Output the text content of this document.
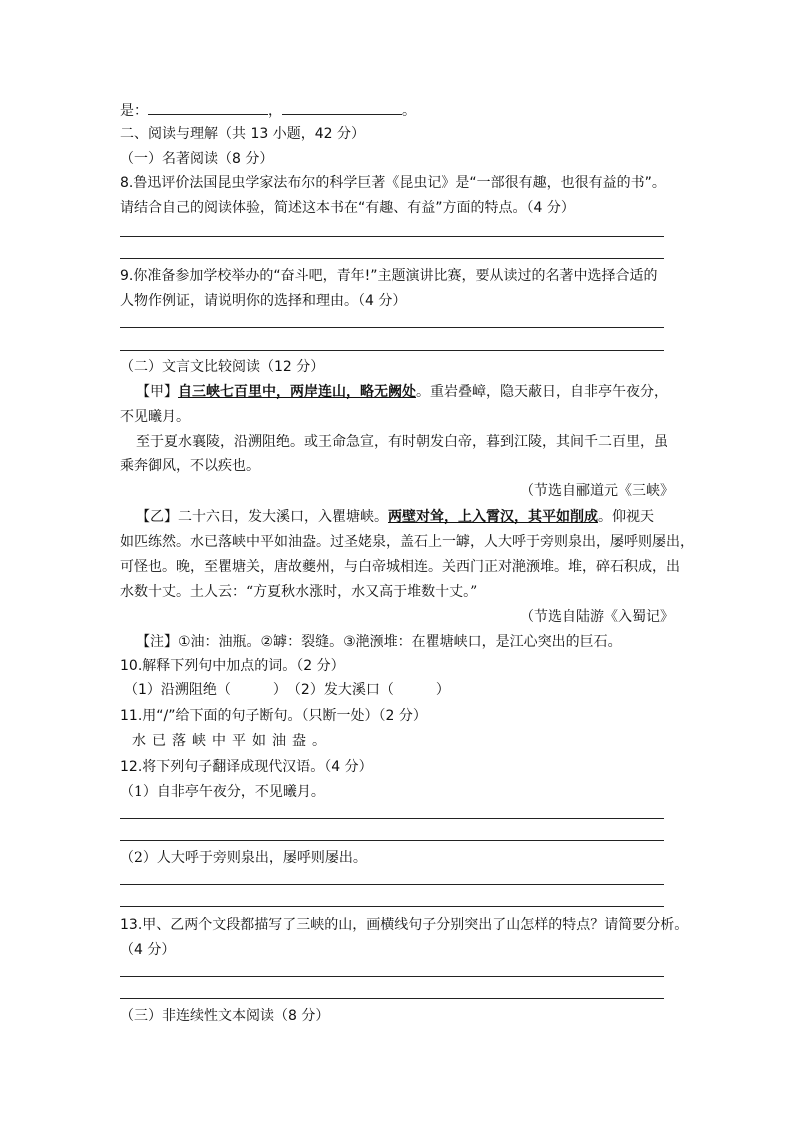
是：	，	。
二、阅读与理解（共 13 小题，42 分）
（一）名著阅读（8 分）
8.鲁迅评价法国昆虫学家法布尔的科学巨著《昆虫记》是“一部很有趣，也很有益的书”。
请结合自己的阅读体验，简述这本书在“有趣、有益”方面的特点。（4 分）
9.你准备参加学校举办的“奋斗吧，青年!”主题演讲比赛，要从读过的名著中选择合适的
人物作例证，请说明你的选择和理由。（4 分）
（二）文言文比较阅读（12 分）
【甲】自三峡七百里中，两岸连山，略无阙处。重岩叠嶂，隐天蔽日，自非亭午夜分，
不见曦月。
至于夏水襄陵，沿溯阻绝。或王命急宣，有时朝发白帝，暮到江陵，其间千二百里，虽
乘奔御风，不以疾也。
（节选自郦道元《三峡》
【乙】二十六日，发大溪口，入瞿塘峡。两壁对耸，上入霄汉，其平如削成。仰视天
如匹练然。水已落峡中平如油盎。过圣姥泉，盖石上一罅，人大呼于旁则泉出，屡呼则屡出，
可怪也。晚，至瞿塘关，唐故夔州，与白帝城相连。关西门正对滟滪堆。堆，碎石积成，出
水数十丈。土人云：“方夏秋水涨时，水又高于堆数十丈。”
（节选自陆游《入蜀记》
【注】①油：油瓶。②罅：裂缝。③滟滪堆：在瞿塘峡口，是江心突出的巨石。
10.解释下列句中加点的词。（2 分）
（1）沿溯阻绝（　　　）　（2）发大溪口（　　　）
11.用“/”给下面的句子断句。（只断一处）（2 分）
水已落峡中平如油盎。
12.将下列句子翻译成现代汉语。（4 分）
（1）自非亭午夜分，不见曦月。
（2）人大呼于旁则泉出，屡呼则屡出。
13.甲、乙两个文段都描写了三峡的山，画横线句子分别突出了山怎样的特点？请简要分析。
（4 分）
（三）非连续性文本阅读（8 分）
